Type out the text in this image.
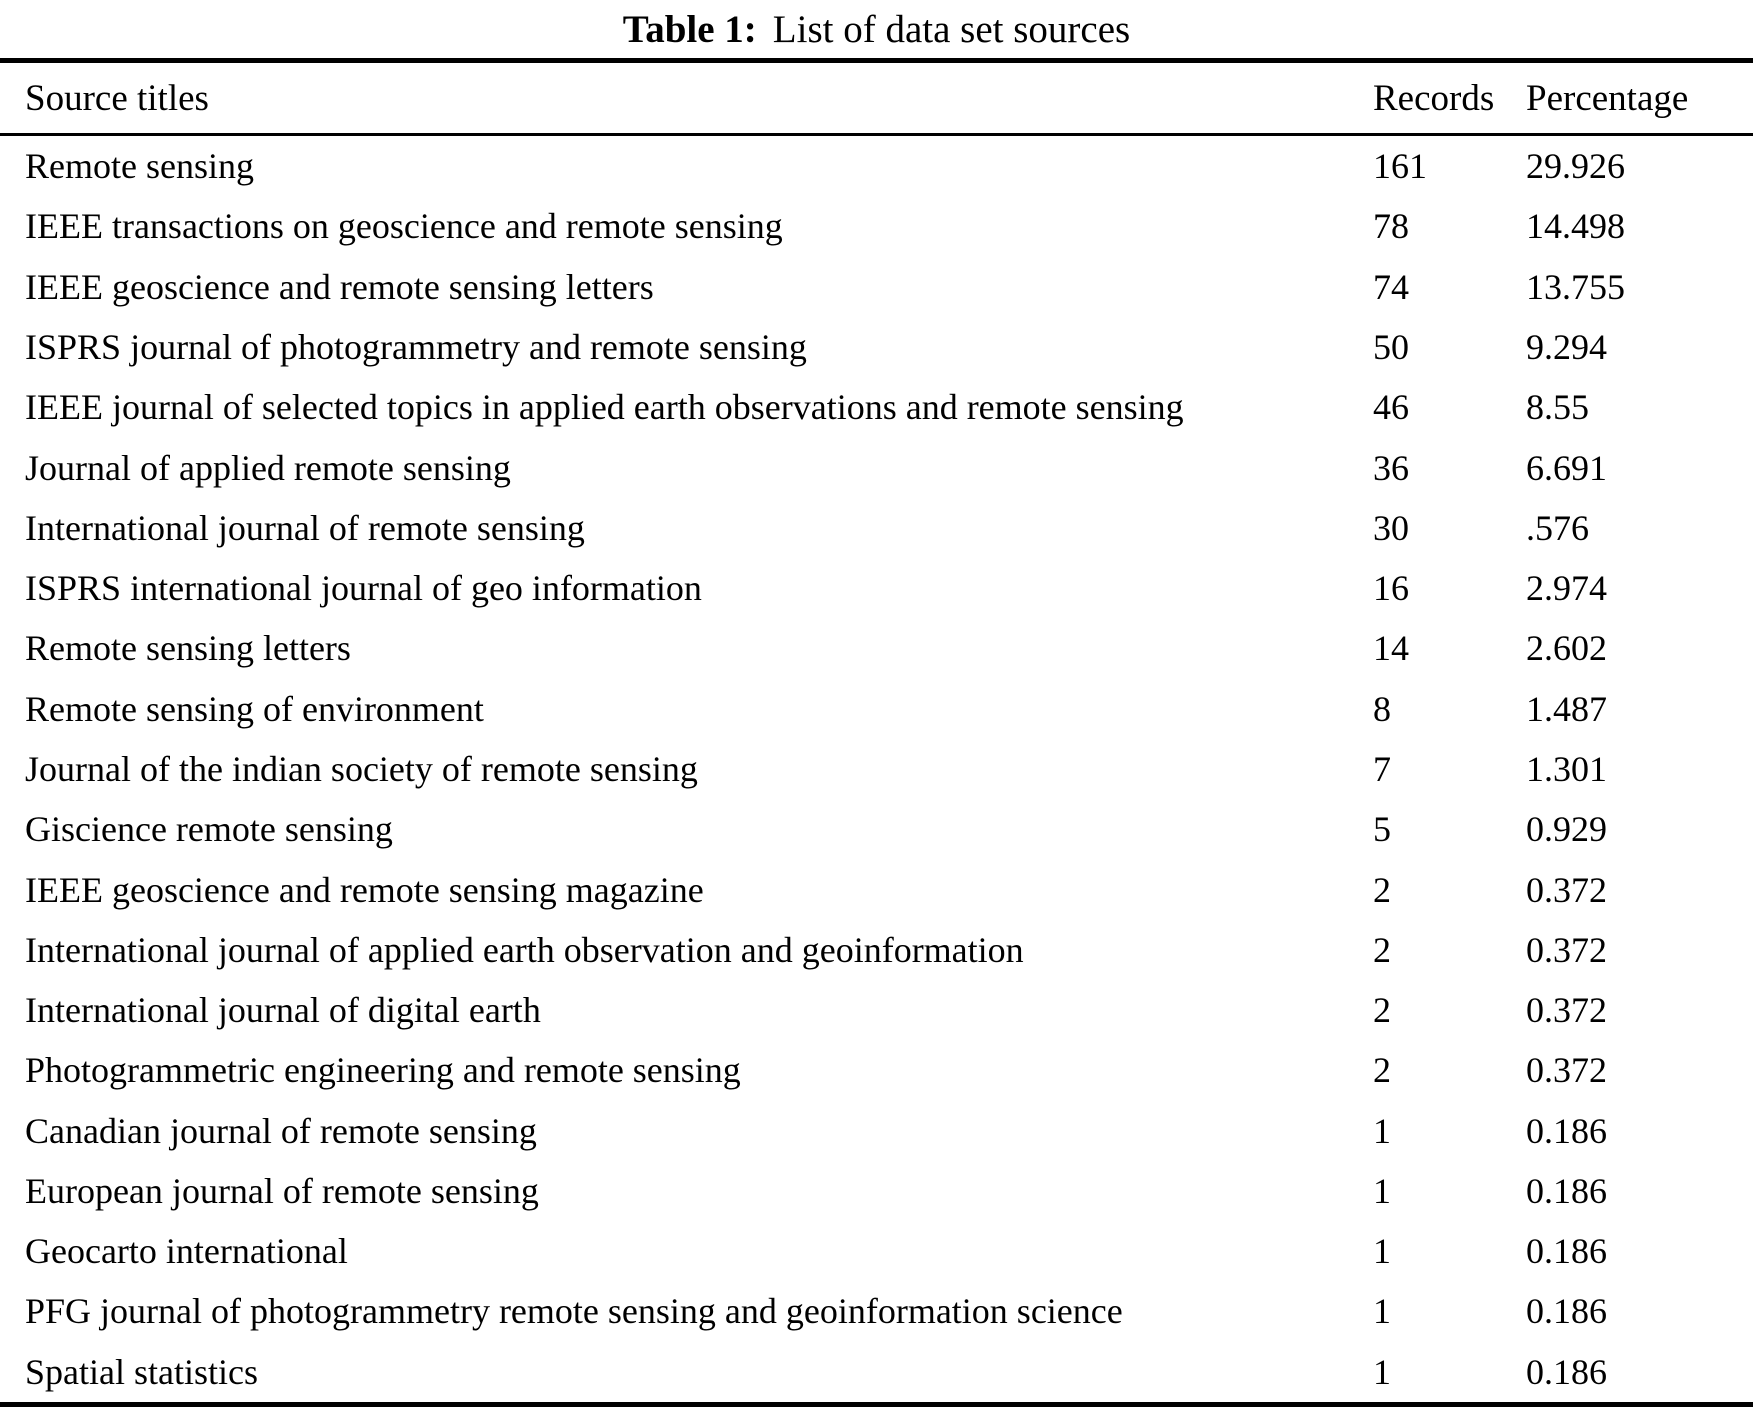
Table 1: List of data set sources
Source titles	Records Percentage
Remote sensing	161	29.926
IEEE transactions on geoscience and remote sensing	78	14.498
IEEE geoscience and remote sensing letters	74	13.755
ISPRS journal of photogrammetry and remote sensing	50	9.294
IEEE journal of selected topics in applied earth observations and remote sensing	46	8.55
Journal of applied remote sensing	36	6.691
International journal of remote sensing	30	.576
ISPRS international journal of geo information	16	2.974
Remote sensing letters	14	2.602
Remote sensing of environment	8	1.487
Journal of the indian society of remote sensing	7	1.301
Giscience remote sensing	5	0.929
IEEE geoscience and remote sensing magazine	2	0.372
International journal of applied earth observation and geoinformation	2	0.372
International journal of digital earth	2	0.372
Photogrammetric engineering and remote sensing	2	0.372
Canadian journal of remote sensing	1	0.186
European journal of remote sensing	1	0.186
Geocarto international	1	0.186
PFG journal of photogrammetry remote sensing and geoinformation science	1	0.186
Spatial statistics	1	0.186
